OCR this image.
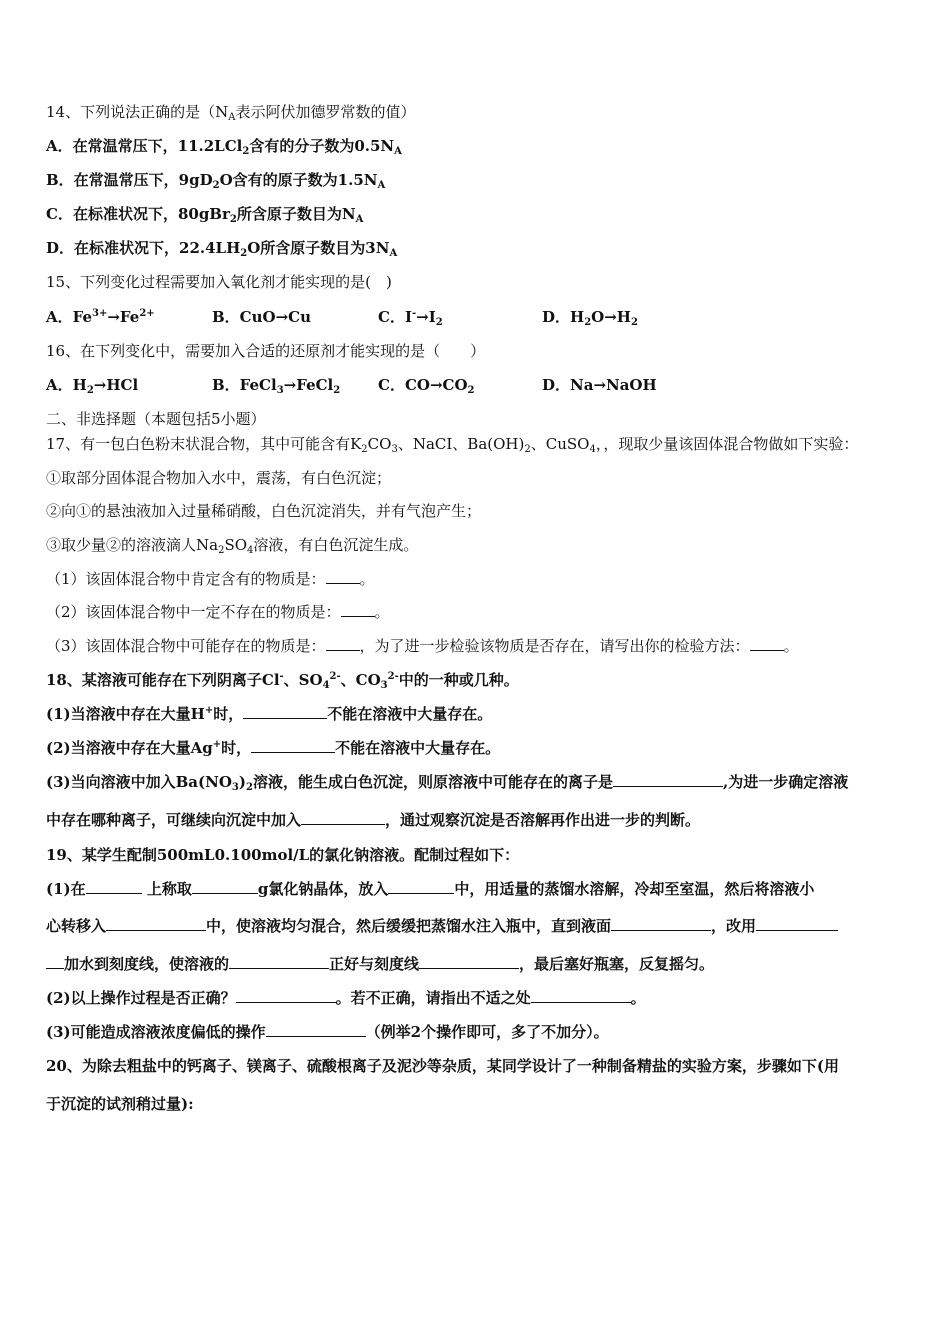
14、下列说法正确的是（$N_A$表示阿伏加德罗常数的值）
A．在常温常压下，11.2LCl$_2$含有的分子数为$0.5N_A$
B．在常温常压下，$9gD_2O$含有的原子数为$1.5N_A$
C．在标准状况下，80gBr$_2$所含原子数目为$N_A$
D．在标准状况下，$22.4LH_2O$所含原子数目为$3N_A$
15、下列变化过程需要加入氧化剂才能实现的是(　)
A．$Fe^{3+}\to Fe^{2+}$	B．CuO→Cu	C．$I^-\to I_2$	D．$H_2O\to H_2$
16、在下列变化中，需要加入合适的还原剂才能实现的是（　　）
A．$H_2\to HCl$	B．FeCl$_3$→FeCl$_2$	C．$CO\to CO_2$	D．Na→NaOH
二、非选择题（本题包括5小题）
17、有一包白色粉末状混合物，其中可能含有$K_2CO_3$、NaCI、$Ba(OH)_2$、CuSO$_4$，，现取少量该固体混合物做如下实验：
①取部分固体混合物加入水中，震荡，有白色沉淀；
②向①的悬浊液加入过量稀硝酸，白色沉淀消失，并有气泡产生；
③取少量②的溶液滴人$Na_2SO_4$溶液，有白色沉淀生成。
（1）该固体混合物中肯定含有的物质是： 。
（2）该固体混合物中一定不存在的物质是： 。
（3）该固体混合物中可能存在的物质是： ，为了进一步检验该物质是否存在，请写出你的检验方法： 。
18、某溶液可能存在下列阴离子Cl-、$SO_4^{2-}$、$CO_3^{2-}$中的一种或几种。
(1)当溶液中存在大量H+时，	不能在溶液中大量存在。
(2)当溶液中存在大量Ag+时，	不能在溶液中大量存在。
(3)当向溶液中加入$Ba(NO_3)_2$溶液，能生成白色沉淀，则原溶液中可能存在的离子是	,为进一步确定溶液
中存在哪种离子，可继续向沉淀中加入	，通过观察沉淀是否溶解再作出进一步的判断。
19、某学生配制500mL0.100mol/L的氯化钠溶液。配制过程如下：
(1)在	上称取	g氯化钠晶体，放入	中，用适量的蒸馏水溶解，冷却至室温，然后将溶液小
心转移入	中，使溶液均匀混合，然后缓缓把蒸馏水注入瓶中，直到液面	，改用
加水到刻度线，使溶液的	正好与刻度线	，最后塞好瓶塞，反复摇匀。
(2)以上操作过程是否正确？	。若不正确，请指出不适之处	。
(3)可能造成溶液浓度偏低的操作	（例举2个操作即可，多了不加分）。
20、为除去粗盐中的钙离子、镁离子、硫酸根离子及泥沙等杂质，某同学设计了一种制备精盐的实验方案，步骤如下(用
于沉淀的试剂稍过量):
